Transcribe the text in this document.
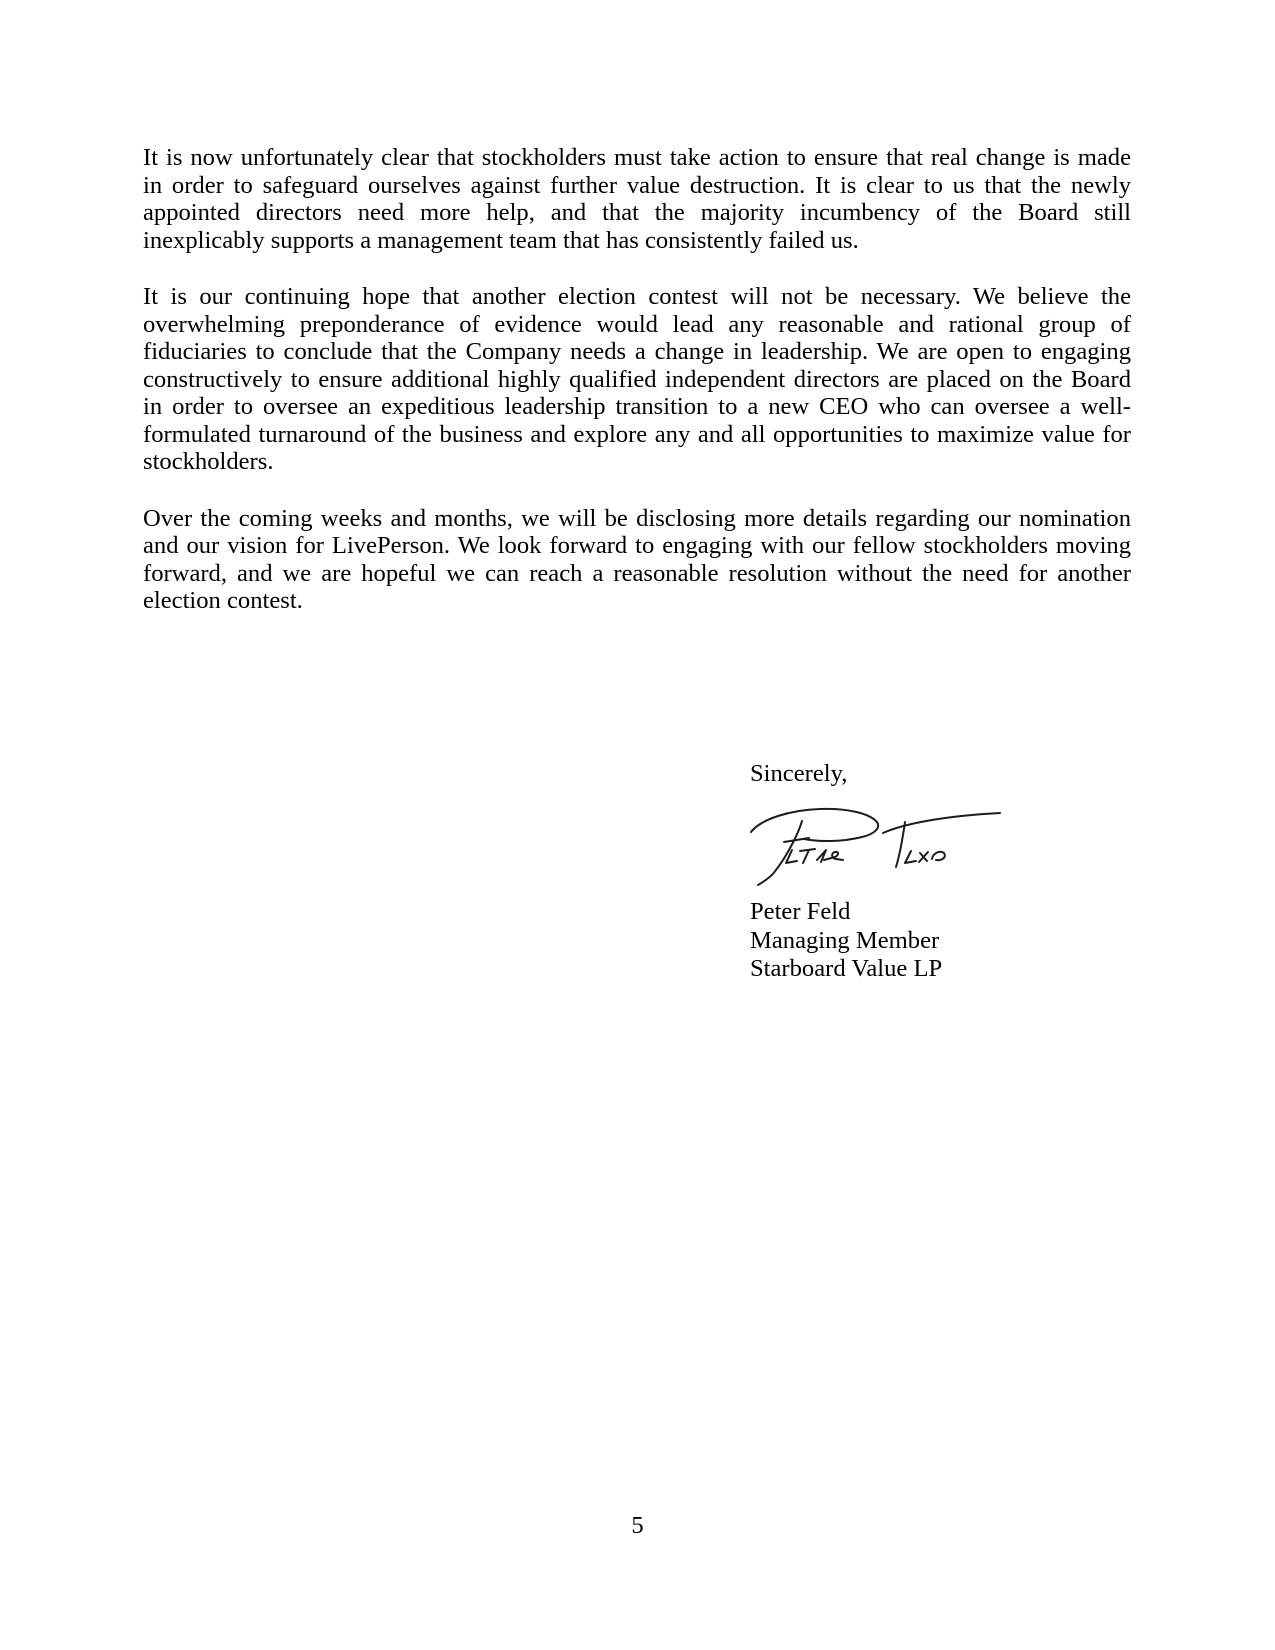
It is now unfortunately clear that stockholders must take action to ensure that real change is made
in order to safeguard ourselves against further value destruction. It is clear to us that the newly
appointed directors need more help, and that the majority incumbency of the Board still
inexplicably supports a management team that has consistently failed us.
It is our continuing hope that another election contest will not be necessary. We believe the
overwhelming preponderance of evidence would lead any reasonable and rational group of
fiduciaries to conclude that the Company needs a change in leadership. We are open to engaging
constructively to ensure additional highly qualified independent directors are placed on the Board
in order to oversee an expeditious leadership transition to a new CEO who can oversee a well-
formulated turnaround of the business and explore any and all opportunities to maximize value for
stockholders.
Over the coming weeks and months, we will be disclosing more details regarding our nomination
and our vision for LivePerson. We look forward to engaging with our fellow stockholders moving
forward, and we are hopeful we can reach a reasonable resolution without the need for another
election contest.

Sincerely,

Peter Feld

Managing Member

Starboard Value LP

5
